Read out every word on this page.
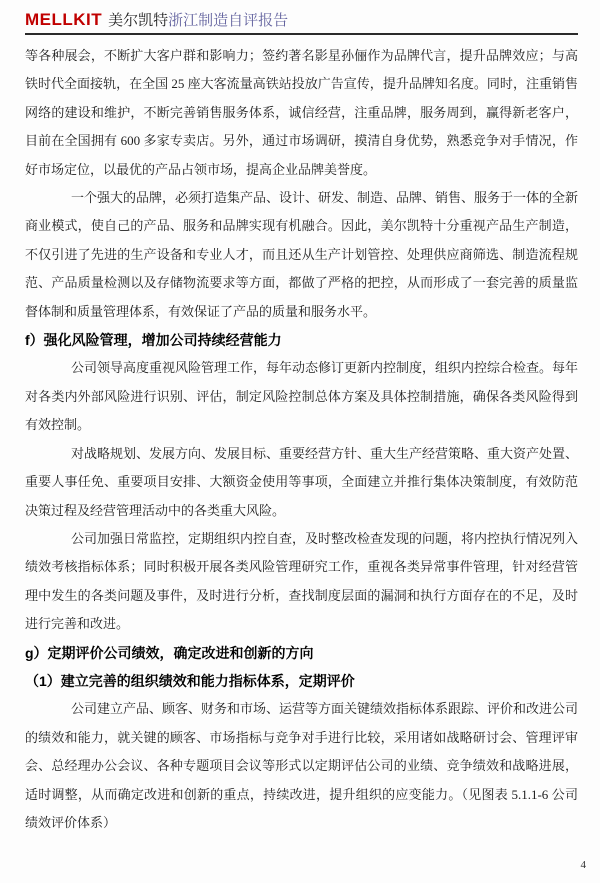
MELLKIT 美尔凯特浙江制造自评报告

等各种展会，不断扩大客户群和影响力；签约著名影星孙俪作为品牌代言，提升品牌效应；与高铁时代全面接轨，在全国 25 座大客流量高铁站投放广告宣传，提升品牌知名度。同时，注重销售网络的建设和维护，不断完善销售服务体系，诚信经营，注重品牌，服务周到，赢得新老客户，目前在全国拥有 600 多家专卖店。另外，通过市场调研，摸清自身优势，熟悉竞争对手情况，作好市场定位，以最优的产品占领市场，提高企业品牌美誉度。

一个强大的品牌，必须打造集产品、设计、研发、制造、品牌、销售、服务于一体的全新商业模式，使自己的产品、服务和品牌实现有机融合。因此，美尔凯特十分重视产品生产制造，不仅引进了先进的生产设备和专业人才，而且还从生产计划管控、处理供应商筛选、制造流程规范、产品质量检测以及存储物流要求等方面，都做了严格的把控，从而形成了一套完善的质量监督体制和质量管理体系，有效保证了产品的质量和服务水平。

f）强化风险管理，增加公司持续经营能力

公司领导高度重视风险管理工作，每年动态修订更新内控制度，组织内控综合检查。每年对各类内外部风险进行识别、评估，制定风险控制总体方案及具体控制措施，确保各类风险得到有效控制。

对战略规划、发展方向、发展目标、重要经营方针、重大生产经营策略、重大资产处置、重要人事任免、重要项目安排、大额资金使用等事项，全面建立并推行集体决策制度，有效防范决策过程及经营管理活动中的各类重大风险。

公司加强日常监控，定期组织内控自查，及时整改检查发现的问题，将内控执行情况列入绩效考核指标体系；同时积极开展各类风险管理研究工作，重视各类异常事件管理，针对经营管理中发生的各类问题及事件，及时进行分析，查找制度层面的漏洞和执行方面存在的不足，及时进行完善和改进。

g）定期评价公司绩效，确定改进和创新的方向

（1）建立完善的组织绩效和能力指标体系，定期评价

公司建立产品、顾客、财务和市场、运营等方面关键绩效指标体系跟踪、评价和改进公司的绩效和能力，就关键的顾客、市场指标与竞争对手进行比较，采用诸如战略研讨会、管理评审会、总经理办公会议、各种专题项目会议等形式以定期评估公司的业绩、竞争绩效和战略进展，适时调整，从而确定改进和创新的重点，持续改进，提升组织的应变能力。（见图表 5.1.1-6 公司绩效评价体系）

4
